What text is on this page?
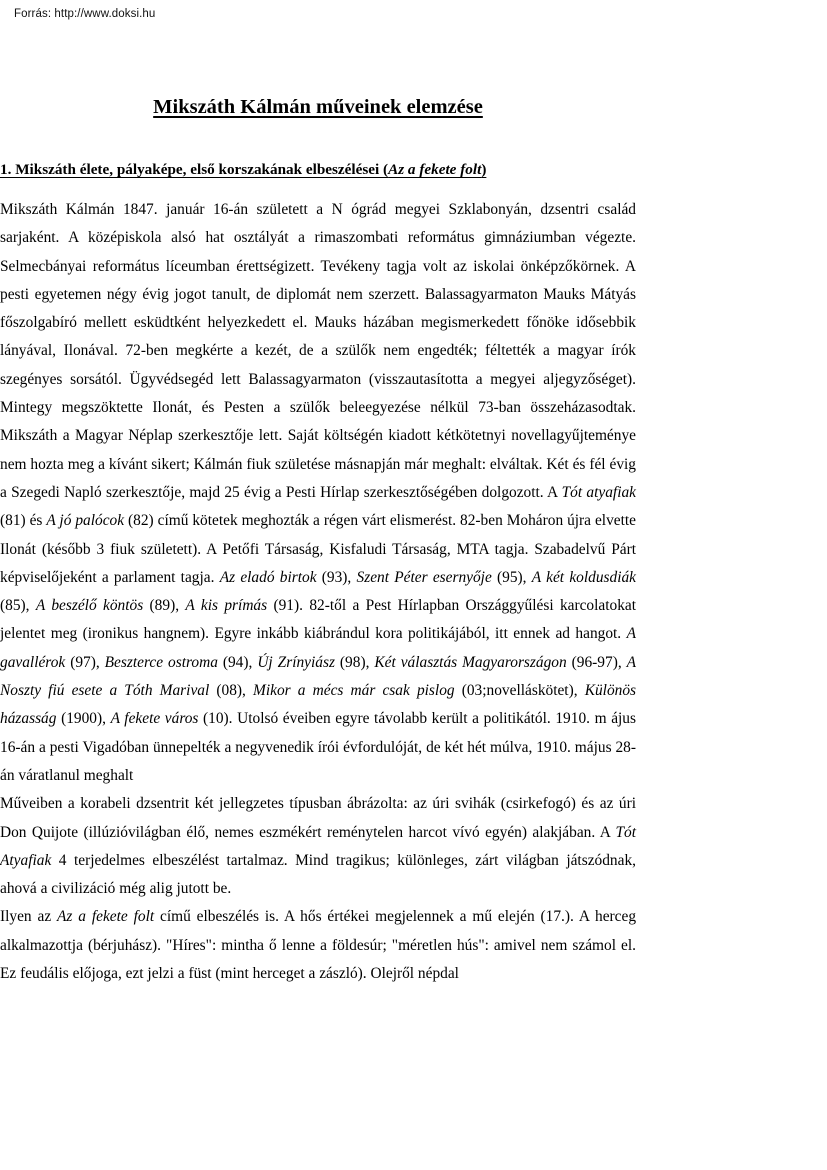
Forrás: http://www.doksi.hu
Mikszáth Kálmán műveinek elemzése
1. Mikszáth élete, pályaképe, első korszakának elbeszélései (Az a fekete folt)

Mikszáth Kálmán 1847. január 16-án született a N ógrád megyei Szklabonyán, dzsentri család sarjaként. A középiskola alsó hat osztályát a rimaszombati református gimnáziumban végezte. Selmecbányai református líceumban érettségizett. Tevékeny tagja volt az iskolai önképzőkörnek. A pesti egyetemen négy évig jogot tanult, de diplomát nem szerzett. Balassagyarmaton Mauks Mátyás főszolgabíró mellett esküdtként helyezkedett el. Mauks házában megismerkedett főnöke idősebbik lányával, Ilonával. 72-ben megkérte a kezét, de a szülők nem engedték; féltették a magyar írók szegényes sorsától. Ügyvédsegéd lett Balassagyarmaton (visszautasította a megyei aljegyzőséget). Mintegy megszöktette Ilonát, és Pesten a szülők beleegyezése nélkül 73-ban összeházasodtak. Mikszáth a Magyar Néplap szerkesztője lett. Saját költségén kiadott kétkötetnyi novellagyűjteménye nem hozta meg a kívánt sikert; Kálmán fiuk születése másnapján már meghalt: elváltak. Két és fél évig a Szegedi Napló szerkesztője, majd 25 évig a Pesti Hírlap szerkesztőségében dolgozott. A Tót atyafiak (81) és A jó palócok (82) című kötetek meghozták a régen várt elismerést. 82-ben Moháron újra elvette Ilonát (később 3 fiuk született). A Petőfi Társaság, Kisfaludi Társaság, MTA tagja. Szabadelvű Párt képviselőjeként a parlament tagja. Az eladó birtok (93), Szent Péter esernyője (95), A két koldusdiák (85), A beszélő köntös (89), A kis prímás (91). 82-től a Pest Hírlapban Országgyűlési karcolatokat jelentet meg (ironikus hangnem). Egyre inkább kiábrándul kora politikájából, itt ennek ad hangot. A gavallérok (97), Beszterce ostroma (94), Új Zrínyiász (98), Két választás Magyarországon (96-97), A Noszty fiú esete a Tóth Marival (08), Mikor a mécs már csak pislog (03;novelláskötet), Különös házasság (1900), A fekete város (10). Utolsó éveiben egyre távolabb került a politikától. 1910. m ájus 16-án a pesti Vigadóban ünnepelték a negyvenedik írói évfordulóját, de két hét múlva, 1910. május 28-án váratlanul meghalt

Műveiben a korabeli dzsentrit két jellegzetes típusban ábrázolta: az úri svihák (csirkefogó) és az úri Don Quijote (illúzióvilágban élő, nemes eszmékért reménytelen harcot vívó egyén) alakjában. A Tót Atyafiak 4 terjedelmes elbeszélést tartalmaz. Mind tragikus; különleges, zárt világban játszódnak, ahová a civilizáció még alig jutott be.

Ilyen az Az a fekete folt című elbeszélés is. A hős értékei megjelennek a mű elején (17.). A herceg alkalmazottja (bérjuhász). "Híres": mintha ő lenne a földesúr; "méretlen hús": amivel nem számol el. Ez feudális előjoga, ezt jelzi a füst (mint herceget a zászló). Olejről népdal
